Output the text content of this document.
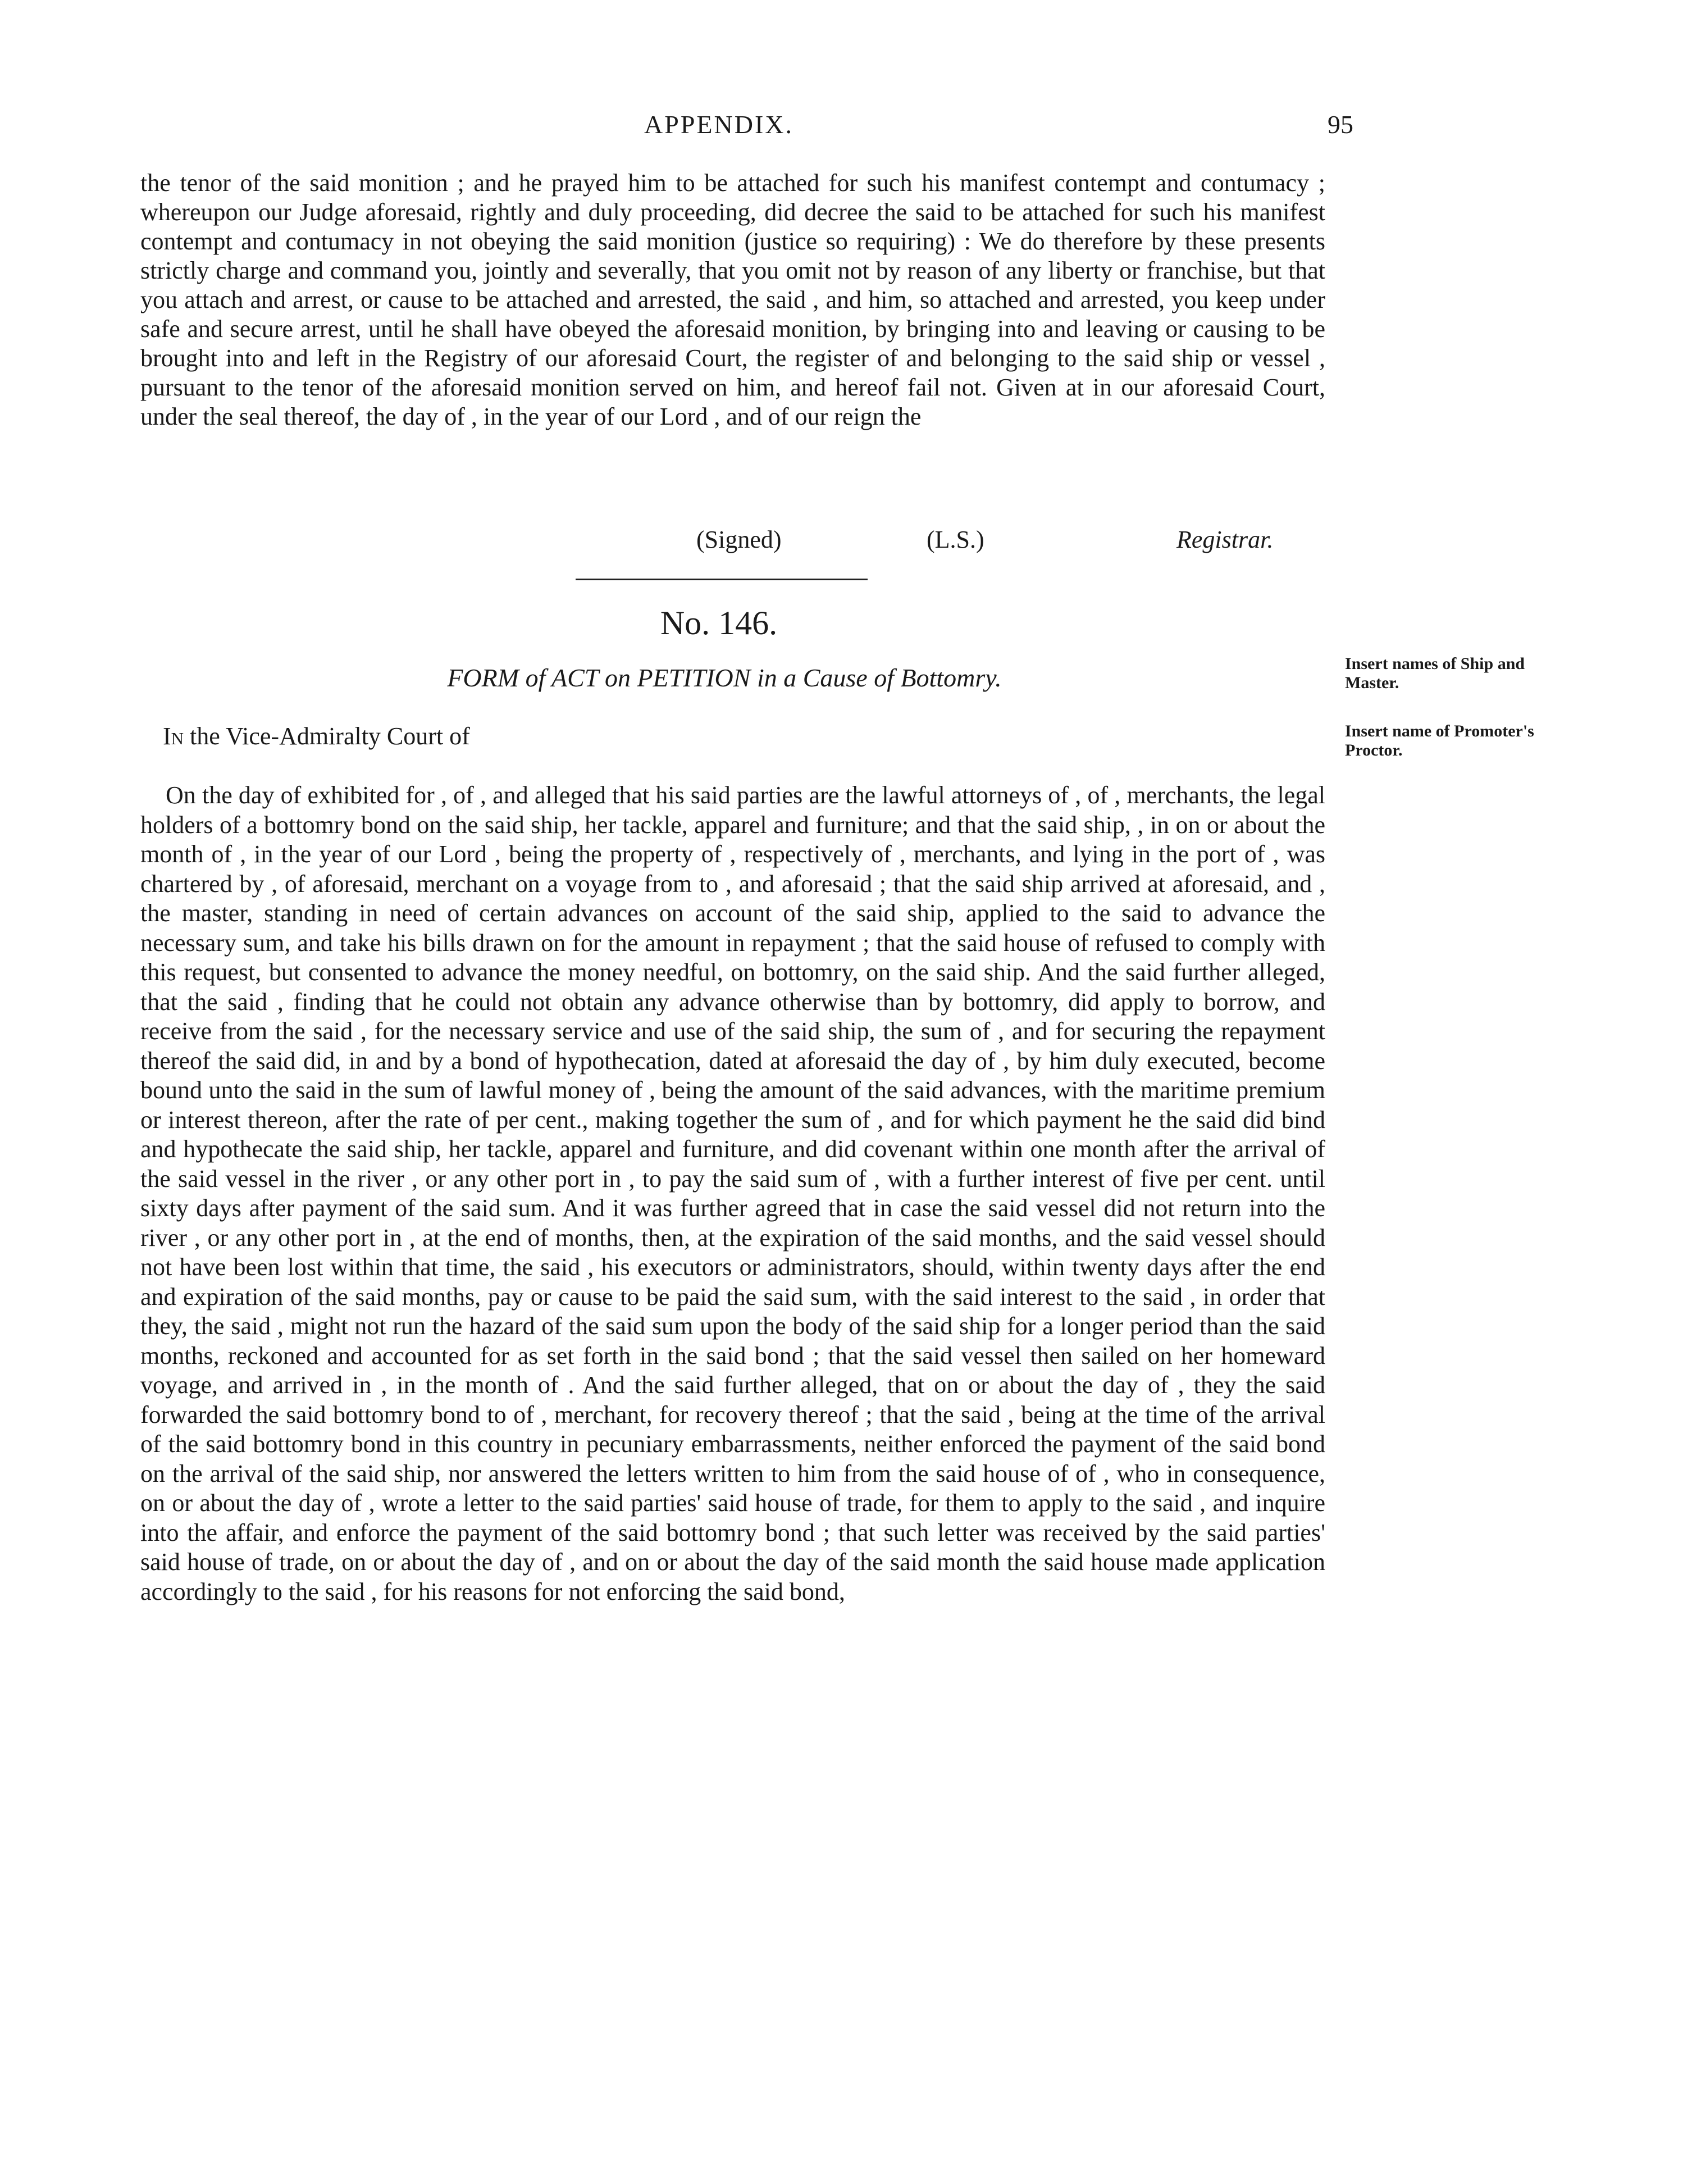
APPENDIX.	95

the tenor of the said monition ; and he prayed him to be attached for such his manifest contempt and contumacy ; whereupon our Judge aforesaid, rightly and duly proceeding, did decree the said to be attached for such his manifest contempt and contumacy in not obeying the said monition (justice so requiring) : We do therefore by these presents strictly charge and command you, jointly and severally, that you omit not by reason of any liberty or franchise, but that you attach and arrest, or cause to be attached and arrested, the said , and him, so attached and arrested, you keep under safe and secure arrest, until he shall have obeyed the aforesaid monition, by bringing into and leaving or causing to be brought into and left in the Registry of our aforesaid Court, the register of and belonging to the said ship or vessel , pursuant to the tenor of the aforesaid monition served on him, and hereof fail not. Given at in our aforesaid Court, under the seal thereof, the day of , in the year of our Lord , and of our reign the

(Signed)	(L.S.)	Registrar.
No. 146.
FORM of ACT on PETITION in a Cause of Bottomry.
In the Vice-Admiralty Court of

On the day of exhibited for , of , and alleged that his said parties are the lawful attorneys of , of , merchants, the legal holders of a bottomry bond on the said ship, her tackle, apparel and furniture; and that the said ship, , in on or about the month of , in the year of our Lord , being the property of , respectively of , merchants, and lying in the port of , was chartered by , of aforesaid, merchant on a voyage from to , and aforesaid ; that the said ship arrived at aforesaid, and , the master, standing in need of certain advances on account of the said ship, applied to the said to advance the necessary sum, and take his bills drawn on for the amount in repayment ; that the said house of refused to comply with this request, but consented to advance the money needful, on bottomry, on the said ship. And the said further alleged, that the said , finding that he could not obtain any advance otherwise than by bottomry, did apply to borrow, and receive from the said , for the necessary service and use of the said ship, the sum of , and for securing the repayment thereof the said did, in and by a bond of hypothecation, dated at aforesaid the day of , by him duly executed, become bound unto the said in the sum of lawful money of , being the amount of the said advances, with the maritime premium or interest thereon, after the rate of per cent., making together the sum of , and for which payment he the said did bind and hypothecate the said ship, her tackle, apparel and furniture, and did covenant within one month after the arrival of the said vessel in the river , or any other port in , to pay the said sum of , with a further interest of five per cent. until sixty days after payment of the said sum. And it was further agreed that in case the said vessel did not return into the river , or any other port in , at the end of months, then, at the expiration of the said months, and the said vessel should not have been lost within that time, the said , his executors or administrators, should, within twenty days after the end and expiration of the said months, pay or cause to be paid the said sum, with the said interest to the said , in order that they, the said , might not run the hazard of the said sum upon the body of the said ship for a longer period than the said months, reckoned and accounted for as set forth in the said bond ; that the said vessel then sailed on her homeward voyage, and arrived in , in the month of . And the said further alleged, that on or about the day of , they the said forwarded the said bottomry bond to of , merchant, for recovery thereof ; that the said , being at the time of the arrival of the said bottomry bond in this country in pecuniary embarrassments, neither enforced the payment of the said bond on the arrival of the said ship, nor answered the letters written to him from the said house of of , who in consequence, on or about the day of , wrote a letter to the said parties' said house of trade, for them to apply to the said , and inquire into the affair, and enforce the payment of the said bottomry bond ; that such letter was received by the said parties' said house of trade, on or about the day of , and on or about the day of the said month the said house made application accordingly to the said , for his reasons for not enforcing the said bond,

Insert names of Ship and Master.
Insert name of Promoter's Proctor.
